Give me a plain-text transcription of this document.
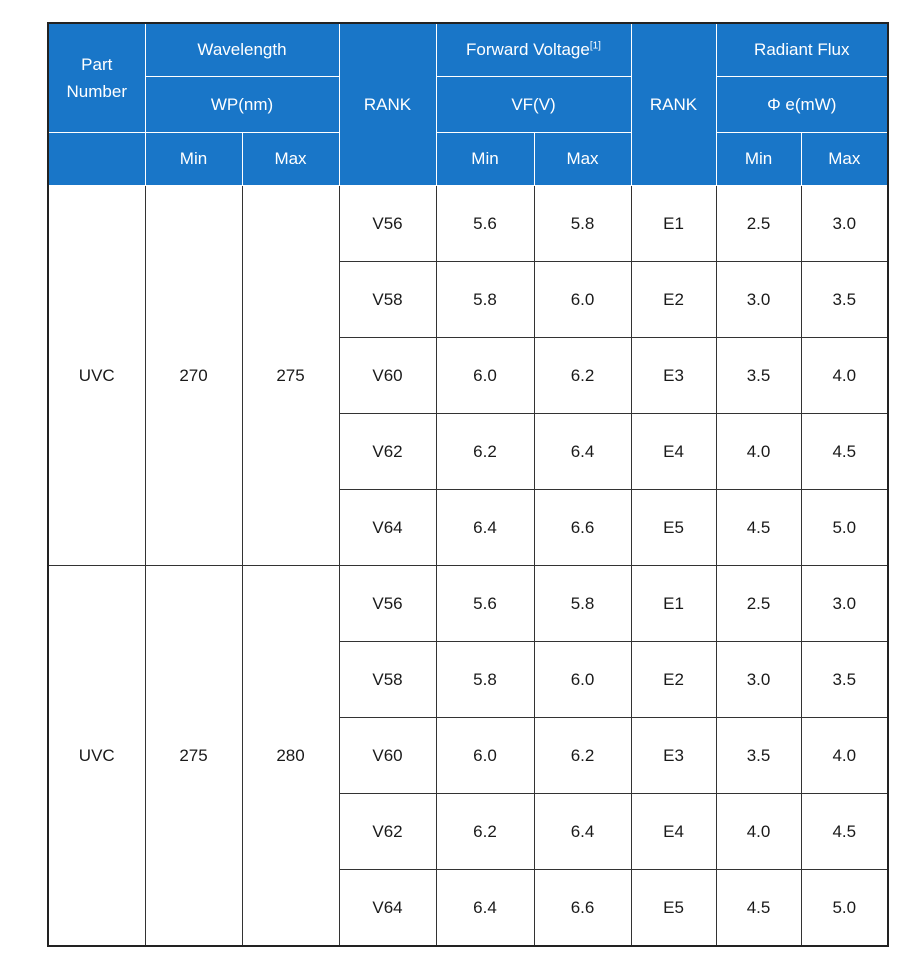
Part Number	Wavelength		RANK	Forward Voltage[1]		RANK	Radiant Flux	
	WP(nm)			VF(V)			Φ e(mW)	
	Min	Max		Min	Max		Min	Max
UVC	270	275	V56	5.6	5.8	E1	2.5	3.0
			V58	5.8	6.0	E2	3.0	3.5
			V60	6.0	6.2	E3	3.5	4.0
			V62	6.2	6.4	E4	4.0	4.5
			V64	6.4	6.6	E5	4.5	5.0
UVC	275	280	V56	5.6	5.8	E1	2.5	3.0
			V58	5.8	6.0	E2	3.0	3.5
			V60	6.0	6.2	E3	3.5	4.0
			V62	6.2	6.4	E4	4.0	4.5
			V64	6.4	6.6	E5	4.5	5.0
